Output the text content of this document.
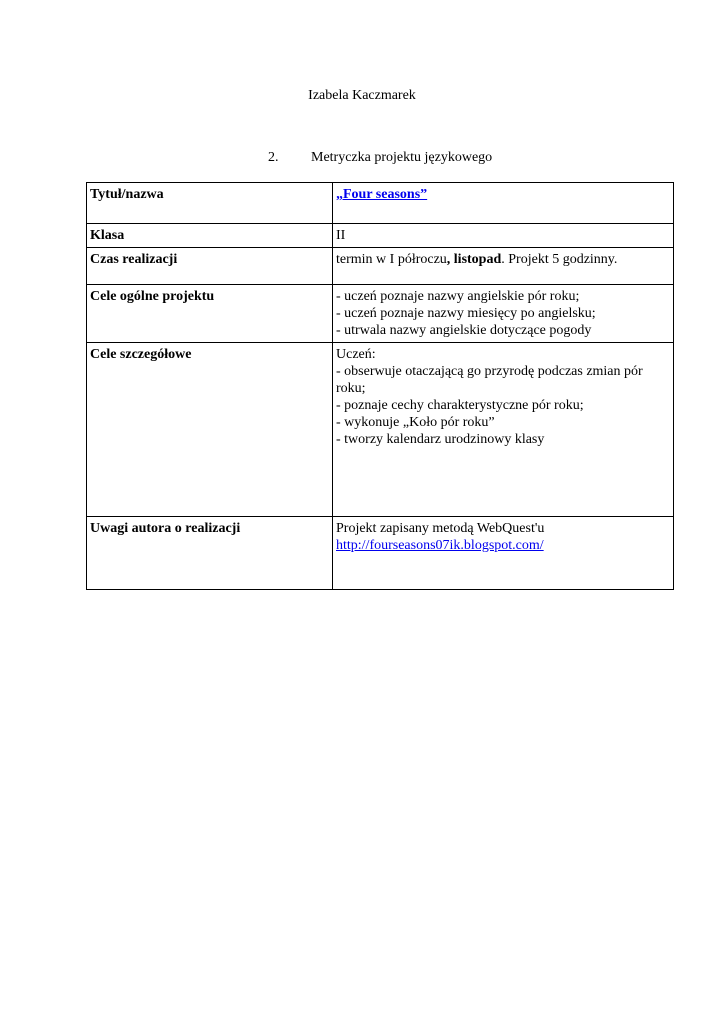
Izabela Kaczmarek
2. Metryczka projektu językowego
Tytuł/nazwa	„Four seasons”
Klasa	II
Czas realizacji	termin w I półroczu, listopad. Projekt 5 godzinny.
Cele ogólne projektu	- uczeń poznaje nazwy angielskie pór roku;
- uczeń poznaje nazwy miesięcy po angielsku;
- utrwala nazwy angielskie dotyczące pogody

Cele szczegółowe	Uczeń:
- obserwuje otaczającą go przyrodę podczas zmian pór roku;
- poznaje cechy charakterystyczne pór roku;
- wykonuje „Koło pór roku”
- tworzy kalendarz urodzinowy klasy

Uwagi autora o realizacji	Projekt zapisany metodą WebQuest'u
http://fourseasons07ik.blogspot.com/
